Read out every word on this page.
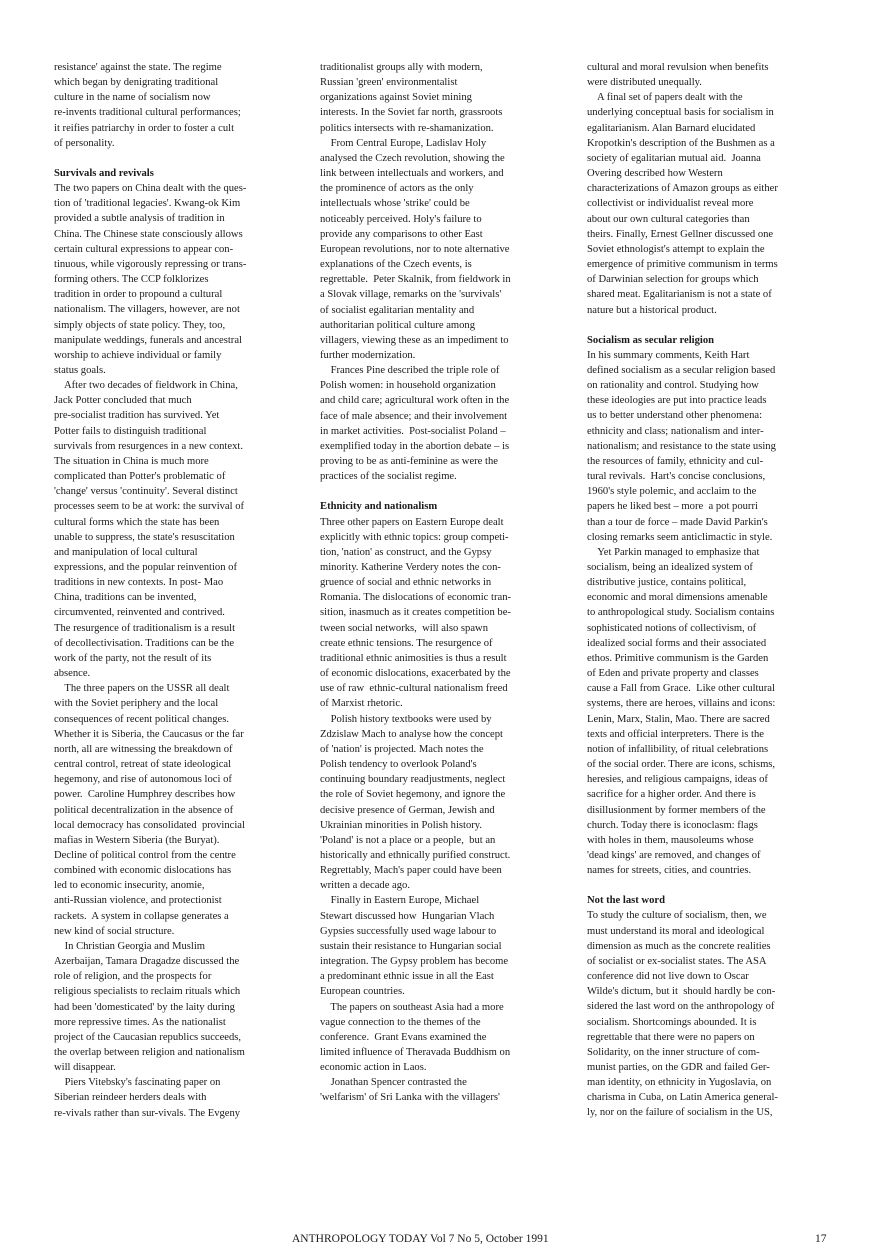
resistance' against the state. The regime
which began by denigrating traditional
culture in the name of socialism now
re-invents traditional cultural performances;
it reifies patriarchy in order to foster a cult
of personality.

Survivals and revivals

The two papers on China dealt with the ques-
tion of 'traditional legacies'. Kwang-ok Kim
provided a subtle analysis of tradition in
China. The Chinese state consciously allows
certain cultural expressions to appear con-
tinuous, while vigorously repressing or trans-
forming others. The CCP folklorizes
tradition in order to propound a cultural
nationalism. The villagers, however, are not
simply objects of state policy. They, too,
manipulate weddings, funerals and ancestral
worship to achieve individual or family
status goals.

After two decades of fieldwork in China,
Jack Potter concluded that much
pre-socialist tradition has survived. Yet
Potter fails to distinguish traditional
survivals from resurgences in a new context.
The situation in China is much more
complicated than Potter's problematic of
'change' versus 'continuity'. Several distinct
processes seem to be at work: the survival of
cultural forms which the state has been
unable to suppress, the state's resuscitation
and manipulation of local cultural
expressions, and the popular reinvention of
traditions in new contexts. In post- Mao
China, traditions can be invented,
circumvented, reinvented and contrived.
The resurgence of traditionalism is a result
of decollectivisation. Traditions can be the
work of the party, not the result of its
absence.

The three papers on the USSR all dealt
with the Soviet periphery and the local
consequences of recent political changes.
Whether it is Siberia, the Caucasus or the far
north, all are witnessing the breakdown of
central control, retreat of state ideological
hegemony, and rise of autonomous loci of
power.  Caroline Humphrey describes how
political decentralization in the absence of
local democracy has consolidated  provincial
mafias in Western Siberia (the Buryat).
Decline of political control from the centre
combined with economic dislocations has
led to economic insecurity, anomie,
anti-Russian violence, and protectionist
rackets.  A system in collapse generates a
new kind of social structure.

In Christian Georgia and Muslim
Azerbaijan, Tamara Dragadze discussed the
role of religion, and the prospects for
religious specialists to reclaim rituals which
had been 'domesticated' by the laity during
more repressive times. As the nationalist
project of the Caucasian republics succeeds,
the overlap between religion and nationalism
will disappear.

Piers Vitebsky's fascinating paper on
Siberian reindeer herders deals with
re-vivals rather than sur-vivals. The Evgeny

traditionalist groups ally with modern,
Russian 'green' environmentalist
organizations against Soviet mining
interests. In the Soviet far north, grassroots
politics intersects with re-shamanization.

From Central Europe, Ladislav Holy
analysed the Czech revolution, showing the
link between intellectuals and workers, and
the prominence of actors as the only
intellectuals whose 'strike' could be
noticeably perceived. Holy's failure to
provide any comparisons to other East
European revolutions, nor to note alternative
explanations of the Czech events, is
regrettable.  Peter Skalnik, from fieldwork in
a Slovak village, remarks on the 'survivals'
of socialist egalitarian mentality and
authoritarian political culture among
villagers, viewing these as an impediment to
further modernization.

Frances Pine described the triple role of
Polish women: in household organization
and child care; agricultural work often in the
face of male absence; and their involvement
in market activities.  Post-socialist Poland –
exemplified today in the abortion debate – is
proving to be as anti-feminine as were the
practices of the socialist regime.

Ethnicity and nationalism

Three other papers on Eastern Europe dealt
explicitly with ethnic topics: group competi-
tion, 'nation' as construct, and the Gypsy
minority. Katherine Verdery notes the con-
gruence of social and ethnic networks in
Romania. The dislocations of economic tran-
sition, inasmuch as it creates competition be-
tween social networks,  will also spawn
create ethnic tensions. The resurgence of
traditional ethnic animosities is thus a result
of economic dislocations, exacerbated by the
use of raw  ethnic-cultural nationalism freed
of Marxist rhetoric.

Polish history textbooks were used by
Zdzislaw Mach to analyse how the concept
of 'nation' is projected. Mach notes the
Polish tendency to overlook Poland's
continuing boundary readjustments, neglect
the role of Soviet hegemony, and ignore the
decisive presence of German, Jewish and
Ukrainian minorities in Polish history.
'Poland' is not a place or a people,  but an
historically and ethnically purified construct.
Regrettably, Mach's paper could have been
written a decade ago.

Finally in Eastern Europe, Michael
Stewart discussed how  Hungarian Vlach
Gypsies successfully used wage labour to
sustain their resistance to Hungarian social
integration. The Gypsy problem has become
a predominant ethnic issue in all the East
European countries.

The papers on southeast Asia had a more
vague connection to the themes of the
conference.  Grant Evans examined the
limited influence of Theravada Buddhism on
economic action in Laos.

Jonathan Spencer contrasted the
'welfarism' of Sri Lanka with the villagers'

cultural and moral revulsion when benefits
were distributed unequally.

A final set of papers dealt with the
underlying conceptual basis for socialism in
egalitarianism. Alan Barnard elucidated
Kropotkin's description of the Bushmen as a
society of egalitarian mutual aid.  Joanna
Overing described how Western
characterizations of Amazon groups as either
collectivist or individualist reveal more
about our own cultural categories than
theirs. Finally, Ernest Gellner discussed one
Soviet ethnologist's attempt to explain the
emergence of primitive communism in terms
of Darwinian selection for groups which
shared meat. Egalitarianism is not a state of
nature but a historical product.

Socialism as secular religion

In his summary comments, Keith Hart
defined socialism as a secular religion based
on rationality and control. Studying how
these ideologies are put into practice leads
us to better understand other phenomena:
ethnicity and class; nationalism and inter-
nationalism; and resistance to the state using
the resources of family, ethnicity and cul-
tural revivals.  Hart's concise conclusions,
1960's style polemic, and acclaim to the
papers he liked best – more  a pot pourri
than a tour de force – made David Parkin's
closing remarks seem anticlimactic in style.

Yet Parkin managed to emphasize that
socialism, being an idealized system of
distributive justice, contains political,
economic and moral dimensions amenable
to anthropological study. Socialism contains
sophisticated notions of collectivism, of
idealized social forms and their associated
ethos. Primitive communism is the Garden
of Eden and private property and classes
cause a Fall from Grace.  Like other cultural
systems, there are heroes, villains and icons:
Lenin, Marx, Stalin, Mao. There are sacred
texts and official interpreters. There is the
notion of infallibility, of ritual celebrations
of the social order. There are icons, schisms,
heresies, and religious campaigns, ideas of
sacrifice for a higher order. And there is
disillusionment by former members of the
church. Today there is iconoclasm: flags
with holes in them, mausoleums whose
'dead kings' are removed, and changes of
names for streets, cities, and countries.

Not the last word

To study the culture of socialism, then, we
must understand its moral and ideological
dimension as much as the concrete realities
of socialist or ex-socialist states. The ASA
conference did not live down to Oscar
Wilde's dictum, but it  should hardly be con-
sidered the last word on the anthropology of
socialism. Shortcomings abounded. It is
regrettable that there were no papers on
Solidarity, on the inner structure of com-
munist parties, on the GDR and failed Ger-
man identity, on ethnicity in Yugoslavia, on
charisma in Cuba, on Latin America general-
ly, nor on the failure of socialism in the US,

ANTHROPOLOGY TODAY Vol 7 No 5, October 1991	17
